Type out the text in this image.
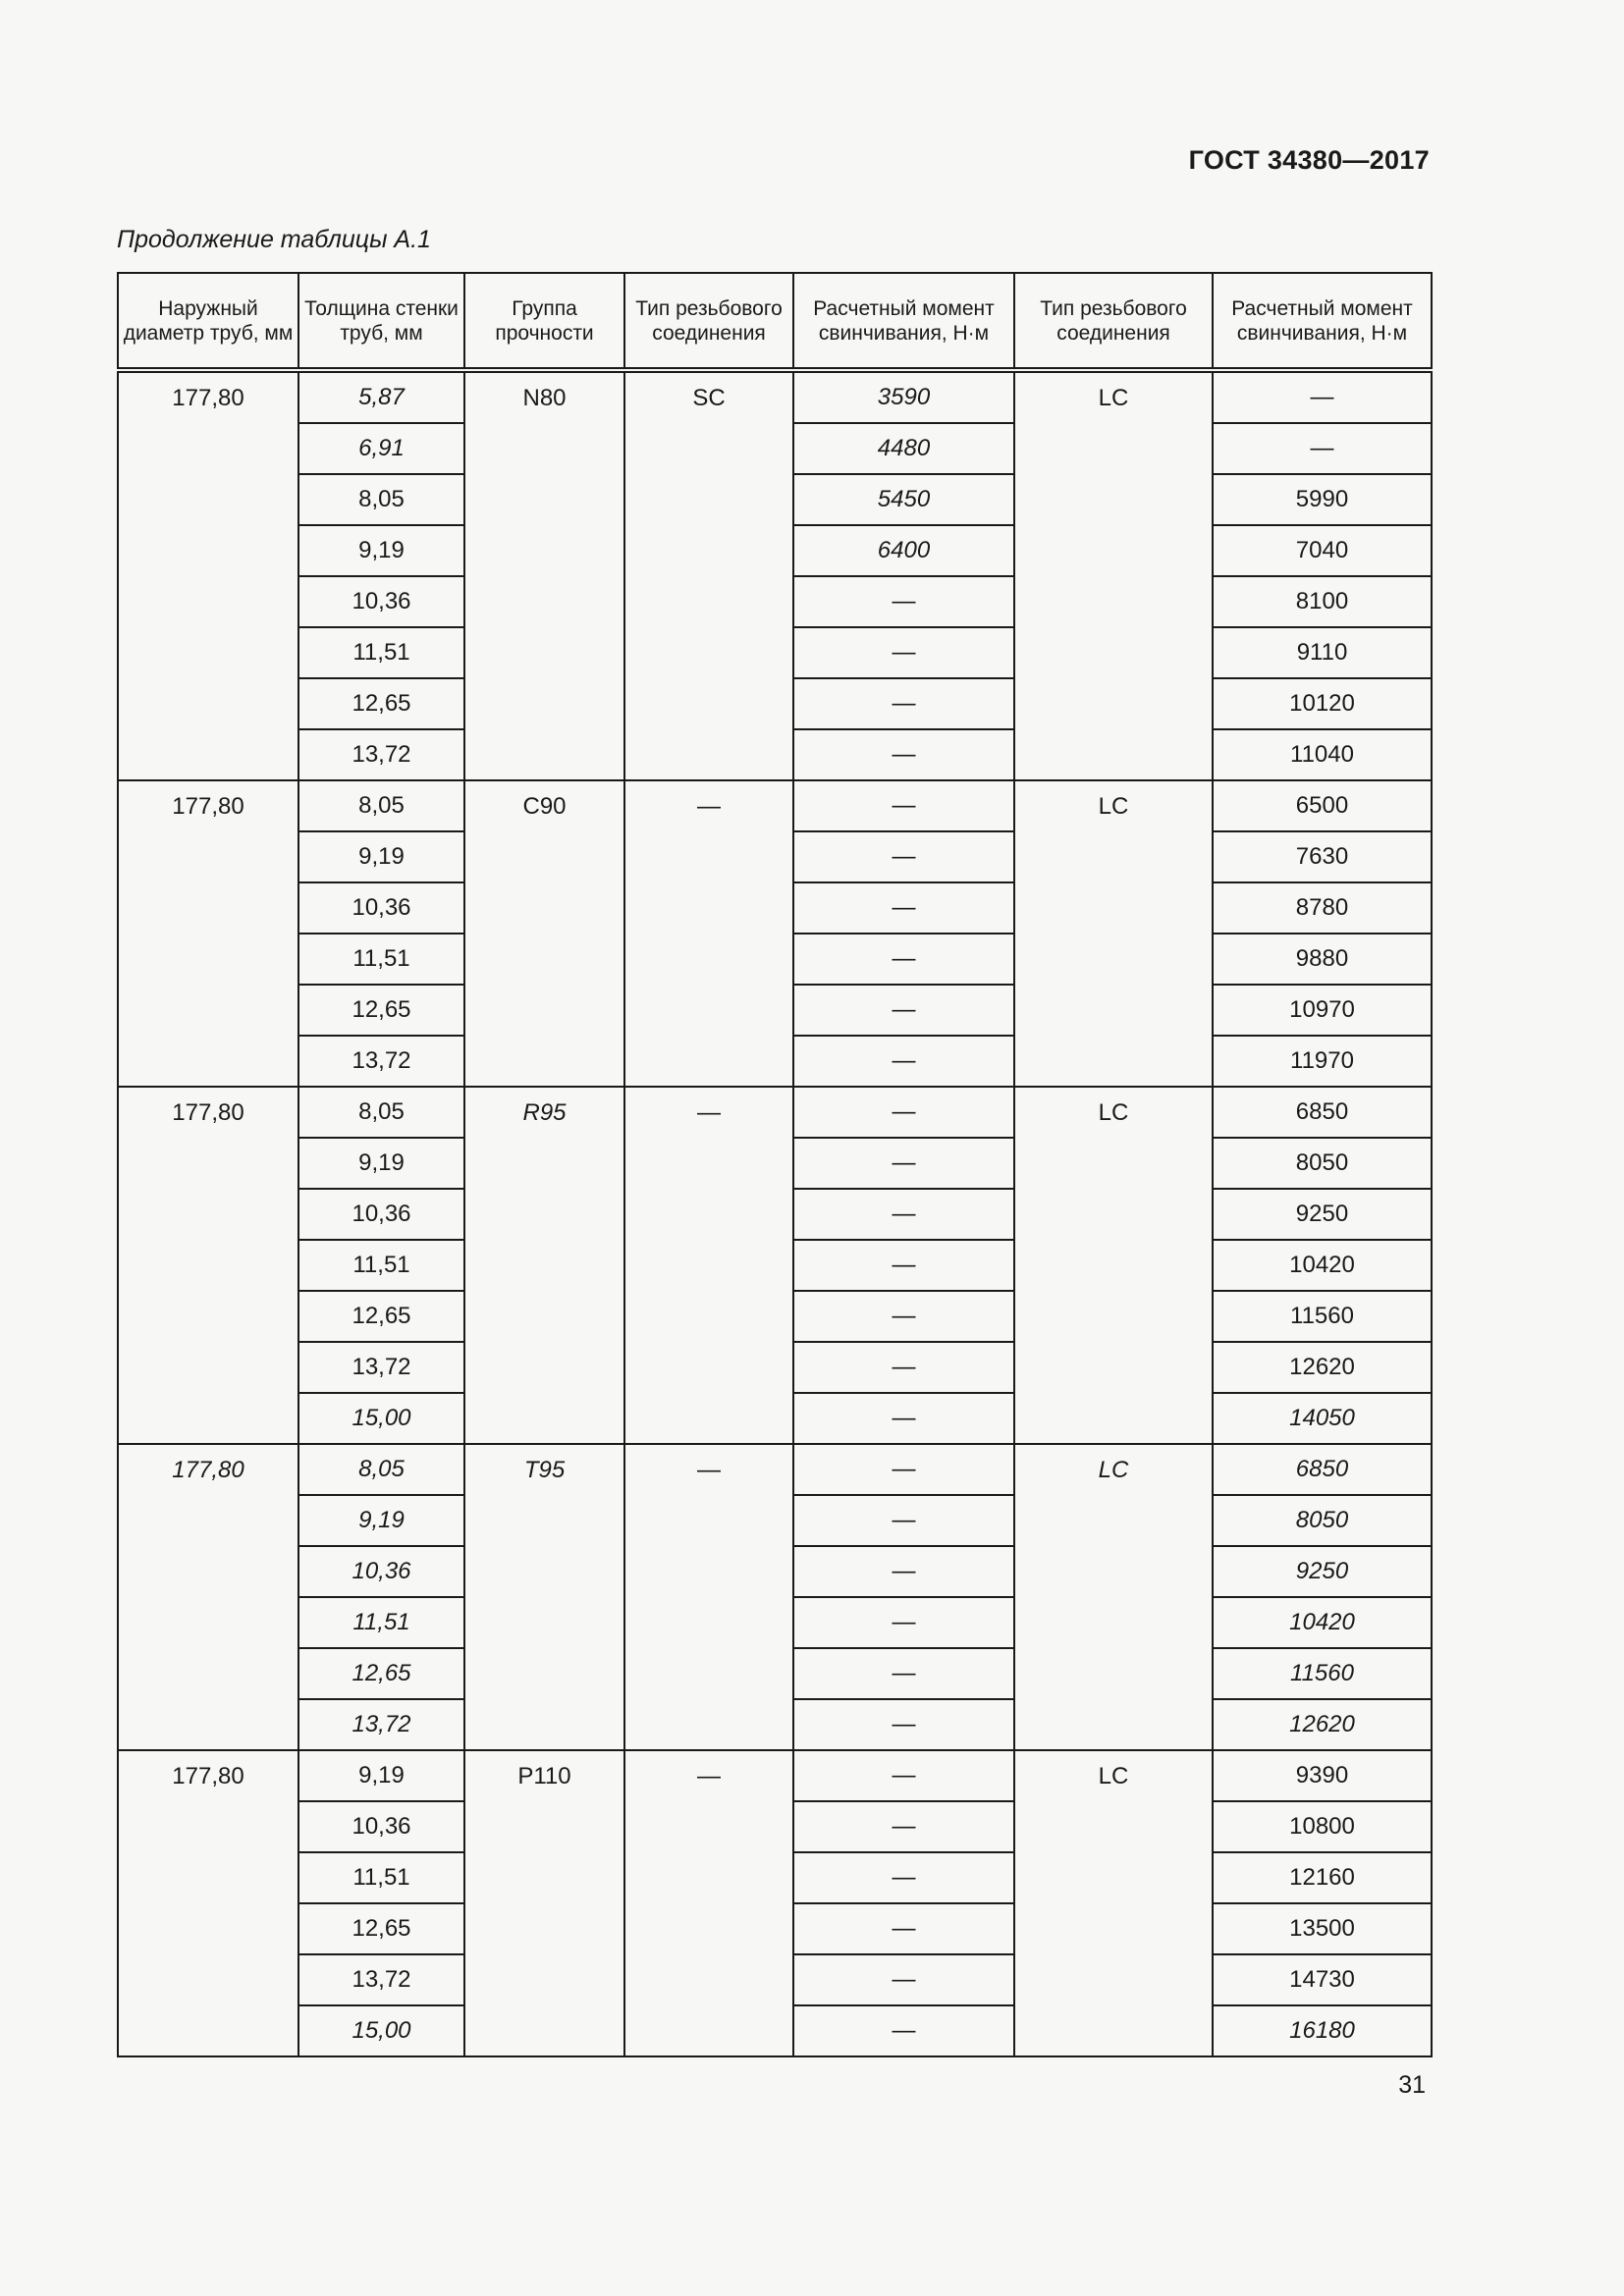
ГОСТ 34380—2017
Продолжение таблицы А.1
Наружный диаметр труб, мм	Толщина стенки труб, мм	Группа прочности	Тип резьбового соединения	Расчетный момент свинчивания, Н·м	Тип резьбового соединения	Расчетный момент свинчивания, Н·м
177,80	5,87	N80	SC	3590	LC	—
	6,91			4480		—
	8,05			5450		5990
	9,19			6400		7040
	10,36			—		8100
	11,51			—		9110
	12,65			—		10120
	13,72			—		11040
177,80	8,05	C90	—	—	LC	6500
	9,19			—		7630
	10,36			—		8780
	11,51			—		9880
	12,65			—		10970
	13,72			—		11970
177,80	8,05	R95	—	—	LC	6850
	9,19			—		8050
	10,36			—		9250
	11,51			—		10420
	12,65			—		11560
	13,72			—		12620
	15,00			—		14050
177,80	8,05	T95	—	—	LC	6850
	9,19			—		8050
	10,36			—		9250
	11,51			—		10420
	12,65			—		11560
	13,72			—		12620
177,80	9,19	P110	—	—	LC	9390
	10,36			—		10800
	11,51			—		12160
	12,65			—		13500
	13,72			—		14730
	15,00			—		16180
31
